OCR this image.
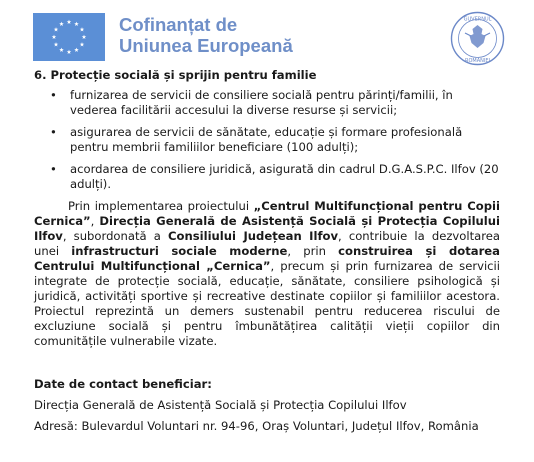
Cofinanțat de
Uniunea Europeană
GUVERNUL
ROMÂNIEI
6. Protecție socială și sprijin pentru familie
• furnizarea de servicii de consiliere socială pentru părinți/familii, în vederea facilitării accesului la diverse resurse și servicii;
• asigurarea de servicii de sănătate, educație și formare profesională pentru membrii familiilor beneficiare (100 adulți);
• acordarea de consiliere juridică, asigurată din cadrul D.G.A.S.P.C. Ilfov (20 adulți).
Prin implementarea proiectului „Centrul Multifuncțional pentru Copii Cernica”, Direcția Generală de Asistență Socială și Protecția Copilului Ilfov, subordonată a Consiliului Județean Ilfov, contribuie la dezvoltarea unei infrastructuri sociale moderne, prin construirea și dotarea Centrului Multifuncțional „Cernica”, precum și prin furnizarea de servicii integrate de protecție socială, educație, sănătate, consiliere psihologică și juridică, activități sportive și recreative destinate copiilor și familiilor acestora. Proiectul reprezintă un demers sustenabil pentru reducerea riscului de excluziune socială și pentru îmbunătățirea calității vieții copiilor din comunitățile vulnerabile vizate.
Date de contact beneficiar:
Direcția Generală de Asistență Socială și Protecția Copilului Ilfov
Adresă: Bulevardul Voluntari nr. 94-96, Oraș Voluntari, Județul Ilfov, România
